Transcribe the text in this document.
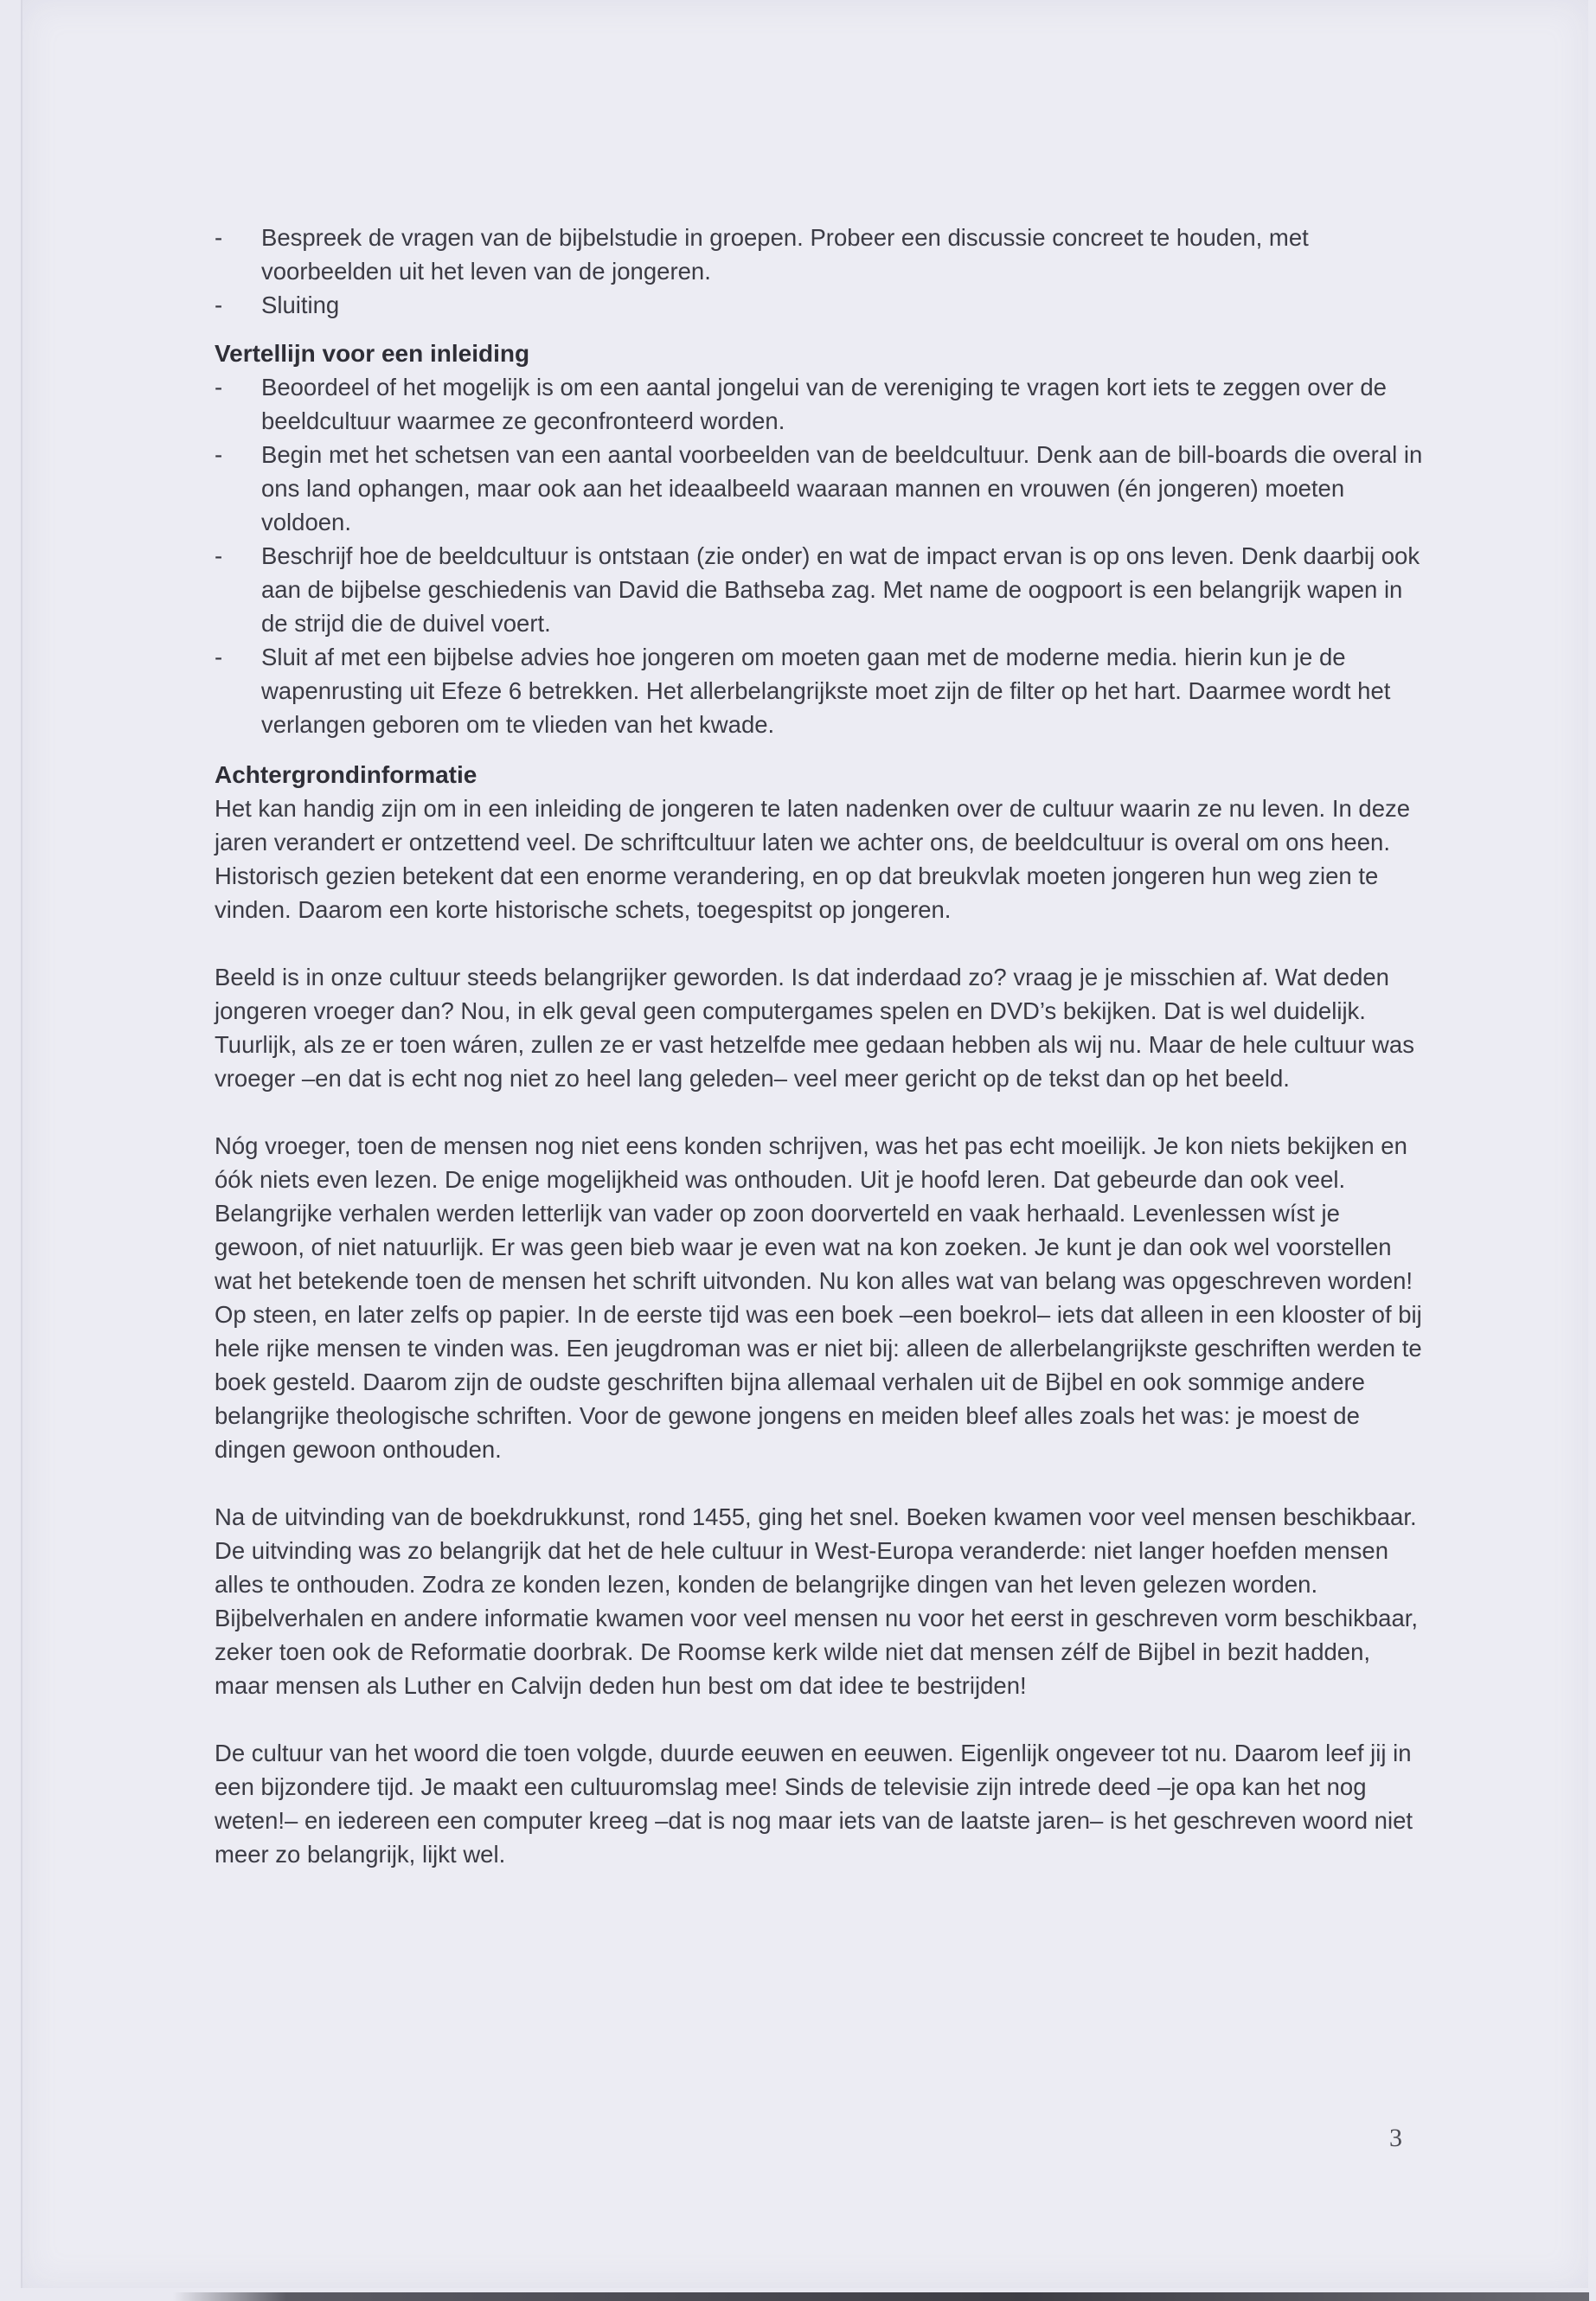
- Bespreek de vragen van de bijbelstudie in groepen. Probeer een discussie concreet te houden, met voorbeelden uit het leven van de jongeren.
- Sluiting
Vertellijn voor een inleiding
- Beoordeel of het mogelijk is om een aantal jongelui van de vereniging te vragen kort iets te zeggen over de beeldcultuur waarmee ze geconfronteerd worden.
- Begin met het schetsen van een aantal voorbeelden van de beeldcultuur. Denk aan de bill-boards die overal in ons land ophangen, maar ook aan het ideaalbeeld waaraan mannen en vrouwen (én jongeren) moeten voldoen.
- Beschrijf hoe de beeldcultuur is ontstaan (zie onder) en wat de impact ervan is op ons leven. Denk daarbij ook aan de bijbelse geschiedenis van David die Bathseba zag. Met name de oogpoort is een belangrijk wapen in de strijd die de duivel voert.
- Sluit af met een bijbelse advies hoe jongeren om moeten gaan met de moderne media. hierin kun je de wapenrusting uit Efeze 6 betrekken. Het allerbelangrijkste moet zijn de filter op het hart. Daarmee wordt het verlangen geboren om te vlieden van het kwade.
Achtergrondinformatie

Het kan handig zijn om in een inleiding de jongeren te laten nadenken over de cultuur waarin ze nu leven. In deze jaren verandert er ontzettend veel. De schriftcultuur laten we achter ons, de beeldcultuur is overal om ons heen. Historisch gezien betekent dat een enorme verandering, en op dat breukvlak moeten jongeren hun weg zien te vinden. Daarom een korte historische schets, toegespitst op jongeren.

Beeld is in onze cultuur steeds belangrijker geworden. Is dat inderdaad zo? vraag je je misschien af. Wat deden jongeren vroeger dan? Nou, in elk geval geen computergames spelen en DVD’s bekijken. Dat is wel duidelijk. Tuurlijk, als ze er toen wáren, zullen ze er vast hetzelfde mee gedaan hebben als wij nu. Maar de hele cultuur was vroeger –en dat is echt nog niet zo heel lang geleden– veel meer gericht op de tekst dan op het beeld.

Nóg vroeger, toen de mensen nog niet eens konden schrijven, was het pas echt moeilijk. Je kon niets bekijken en óók niets even lezen. De enige mogelijkheid was onthouden. Uit je hoofd leren. Dat gebeurde dan ook veel. Belangrijke verhalen werden letterlijk van vader op zoon doorverteld en vaak herhaald. Levenlessen wíst je gewoon, of niet natuurlijk. Er was geen bieb waar je even wat na kon zoeken. Je kunt je dan ook wel voorstellen wat het betekende toen de mensen het schrift uitvonden. Nu kon alles wat van belang was opgeschreven worden! Op steen, en later zelfs op papier. In de eerste tijd was een boek –een boekrol– iets dat alleen in een klooster of bij hele rijke mensen te vinden was. Een jeugdroman was er niet bij: alleen de allerbelangrijkste geschriften werden te boek gesteld. Daarom zijn de oudste geschriften bijna allemaal verhalen uit de Bijbel en ook sommige andere belangrijke theologische schriften. Voor de gewone jongens en meiden bleef alles zoals het was: je moest de dingen gewoon onthouden.

Na de uitvinding van de boekdrukkunst, rond 1455, ging het snel. Boeken kwamen voor veel mensen beschikbaar. De uitvinding was zo belangrijk dat het de hele cultuur in West-Europa veranderde: niet langer hoefden mensen alles te onthouden. Zodra ze konden lezen, konden de belangrijke dingen van het leven gelezen worden. Bijbelverhalen en andere informatie kwamen voor veel mensen nu voor het eerst in geschreven vorm beschikbaar, zeker toen ook de Reformatie doorbrak. De Roomse kerk wilde niet dat mensen zélf de Bijbel in bezit hadden, maar mensen als Luther en Calvijn deden hun best om dat idee te bestrijden!

De cultuur van het woord die toen volgde, duurde eeuwen en eeuwen. Eigenlijk ongeveer tot nu. Daarom leef jij in een bijzondere tijd. Je maakt een cultuuromslag mee! Sinds de televisie zijn intrede deed –je opa kan het nog weten!– en iedereen een computer kreeg –dat is nog maar iets van de laatste jaren– is het geschreven woord niet meer zo belangrijk, lijkt wel.

3
